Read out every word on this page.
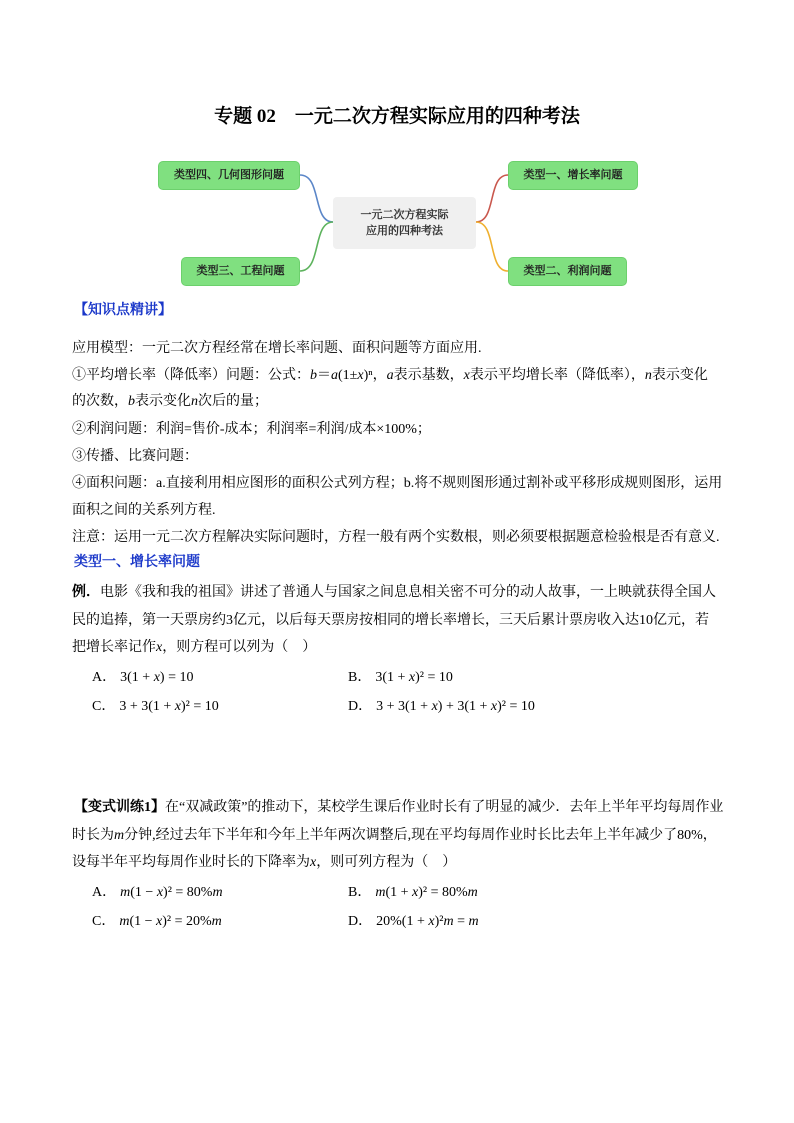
专题 02　一元二次方程实际应用的四种考法
类型四、几何图形问题
类型三、工程问题
类型一、增长率问题
类型二、利润问题
一元二次方程实际
应用的四种考法
【知识点精讲】
应用模型：一元二次方程经常在增长率问题、面积问题等方面应用.
①平均增长率（降低率）问题：公式：b＝a(1±x)ⁿ，a表示基数，x表示平均增长率（降低率），n表示变化
的次数，b表示变化n次后的量；
②利润问题：利润=售价-成本；利润率=利润/成本×100%；
③传播、比赛问题：
④面积问题：a.直接利用相应图形的面积公式列方程；b.将不规则图形通过割补或平移形成规则图形，运用
面积之间的关系列方程.
注意：运用一元二次方程解决实际问题时，方程一般有两个实数根，则必须要根据题意检验根是否有意义.
类型一、增长率问题
例．电影《我和我的祖国》讲述了普通人与国家之间息息相关密不可分的动人故事，一上映就获得全国人
民的追捧，第一天票房约3亿元，以后每天票房按相同的增长率增长，三天后累计票房收入达10亿元，若
把增长率记作x，则方程可以列为（　）
A． 3(1 + x) = 10	B． 3(1 + x)² = 10
C． 3 + 3(1 + x)² = 10	D． 3 + 3(1 + x) + 3(1 + x)² = 10
【变式训练1】在“双减政策”的推动下，某校学生课后作业时长有了明显的减少．去年上半年平均每周作业
时长为m分钟,经过去年下半年和今年上半年两次调整后,现在平均每周作业时长比去年上半年减少了80%，
设每半年平均每周作业时长的下降率为x，则可列方程为（　）
A． m(1 − x)² = 80%m	B． m(1 + x)² = 80%m
C． m(1 − x)² = 20%m	D． 20%(1 + x)²m = m
